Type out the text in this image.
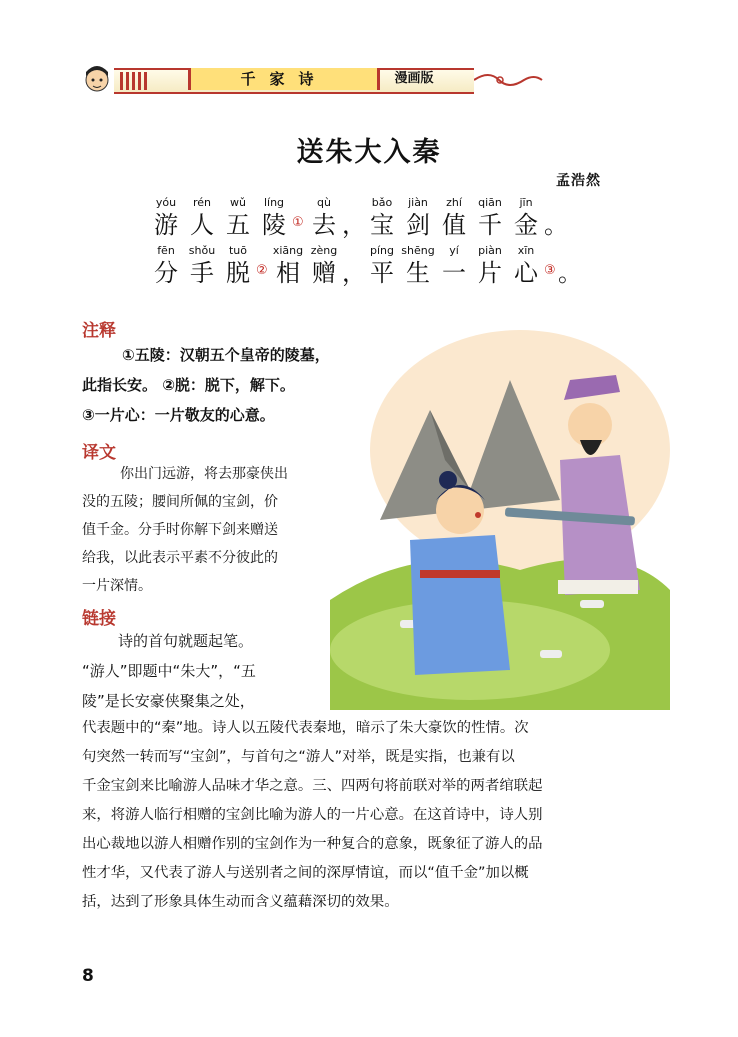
千家诗	漫画版
送朱大入秦
孟浩然
yóu
游
rén
人
wǔ
五
líng
陵 ①
qù
去 ，
bǎo
宝
jiàn
剑
zhí
值
qiān
千
jīn
金 。
fēn
分
shǒu
手
tuō
脱 ②
xiāng
相
zèng
赠 ，
píng
平
shēng
生
yí
一
piàn
片
xīn
心 ③ 。
注释
①五陵：汉朝五个皇帝的陵墓，
此指长安。 ②脱：脱下，解下。
③一片心：一片敬友的心意。
译文
你出门远游，将去那豪侠出
没的五陵；腰间所佩的宝剑，价
值千金。分手时你解下剑来赠送
给我，以此表示平素不分彼此的
一片深情。
链接
诗的首句就题起笔。
“游人”即题中“朱大”，“五
陵”是长安豪侠聚集之处，
代表题中的“秦”地。诗人以五陵代表秦地，暗示了朱大豪饮的性情。次
句突然一转而写“宝剑”，与首句之“游人”对举，既是实指，也兼有以
千金宝剑来比喻游人品味才华之意。三、四两句将前联对举的两者绾联起
来，将游人临行相赠的宝剑比喻为游人的一片心意。在这首诗中，诗人别
出心裁地以游人相赠作别的宝剑作为一种复合的意象，既象征了游人的品
性才华，又代表了游人与送别者之间的深厚情谊，而以“值千金”加以概
括，达到了形象具体生动而含义蕴藉深切的效果。
8
